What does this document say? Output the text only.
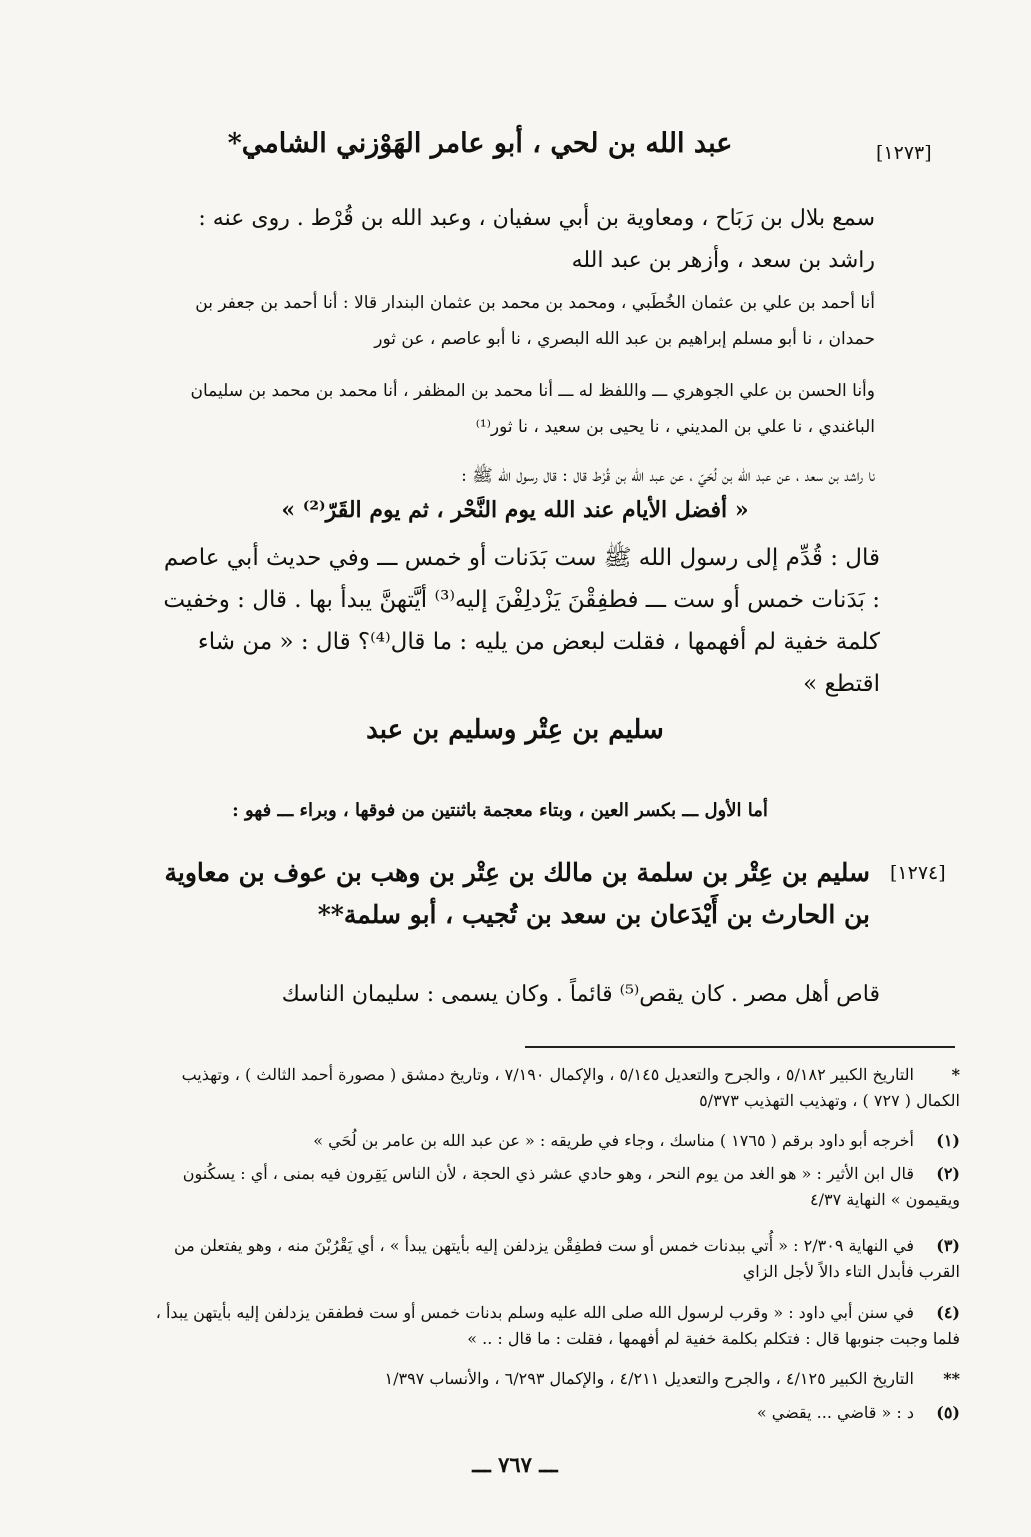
[١٢٧٣]
عبد الله بن لحي ، أبو عامر الهَوْزني الشامي*
سمع بلال بن رَبَاح ، ومعاوية بن أبي سفيان ، وعبد الله بن قُرْط . روى عنه : راشد بن سعد ، وأزهر بن عبد الله
أنا أحمد بن علي بن عثمان الخُطَبي ، ومحمد بن محمد بن عثمان البندار قالا : أنا أحمد بن جعفر بن حمدان ، نا أبو مسلم إبراهيم بن عبد الله البصري ، نا أبو عاصم ، عن ثور
وأنا الحسن بن علي الجوهري ـــ واللفظ له ـــ أنا محمد بن المظفر ، أنا محمد بن محمد بن سليمان الباغندي ، نا علي بن المديني ، نا يحيى بن سعيد ، نا ثور⁽¹⁾
نا راشد بن سعد ، عن عبد الله بن لُحَيّ ، عن عبد الله بن قُرْط قال : قال رسول الله ﷺ :
« أفضل الأيام عند الله يوم النَّحْر ، ثم يوم القَرّ⁽²⁾ »
قال : قُدِّم إلى رسول الله ﷺ ست بَدَنات أو خمس ـــ وفي حديث أبي عاصم : بَدَنات خمس أو ست ـــ فطفِقْنَ يَزْدلِفْنَ إليه⁽³⁾ أيَّتهنَّ يبدأ بها . قال : وخفيت كلمة خفية لم أفهمها ، فقلت لبعض من يليه : ما قال⁽⁴⁾؟ قال : « من شاء اقتطع »
سليم بن عِتْر وسليم بن عبد
أما الأول ـــ بكسر العين ، وبتاء معجمة باثنتين من فوقها ، وبراء ـــ فهو :
[١٢٧٤]
سليم بن عِتْر بن سلمة بن مالك بن عِتْر بن وهب بن عوف بن معاوية بن الحارث بن أَيْدَعان بن سعد بن تُجيب ، أبو سلمة**
قاص أهل مصر . كان يقص⁽⁵⁾ قائماً . وكان يسمى : سليمان الناسك
*التاريخ الكبير ٥/١٨٢ ، والجرح والتعديل ٥/١٤٥ ، والإكمال ٧/١٩٠ ، وتاريخ دمشق ( مصورة أحمد الثالث ) ، وتهذيب الكمال ( ٧٢٧ ) ، وتهذيب التهذيب ٥/٣٧٣
(١)أخرجه أبو داود برقم ( ١٧٦٥ ) مناسك ، وجاء في طريقه : « عن عبد الله بن عامر بن لُحَي »
(٢)قال ابن الأثير : « هو الغد من يوم النحر ، وهو حادي عشر ذي الحجة ، لأن الناس يَقِرون فيه بمنى ، أي : يسكُنون ويقيمون » النهاية ٤/٣٧
(٣)في النهاية ٢/٣٠٩ : « أُتي ببدنات خمس أو ست فطفِقْن يزدلفن إليه بأيتهن يبدأ » ، أي يَقْرُبْنَ منه ، وهو يفتعلن من القرب فأبدل التاء دالاً لأجل الزاي
(٤)في سنن أبي داود : « وقرب لرسول الله صلى الله عليه وسلم بدنات خمس أو ست فطفقن يزدلفن إليه بأيتهن يبدأ ، فلما وجبت جنوبها قال : فتكلم بكلمة خفية لم أفهمها ، فقلت : ما قال : .. »
**التاريخ الكبير ٤/١٢٥ ، والجرح والتعديل ٤/٢١١ ، والإكمال ٦/٢٩٣ ، والأنساب ١/٣٩٧
(٥)د : « قاضي ... يقضي »
ـــ ٧٦٧ ـــ
